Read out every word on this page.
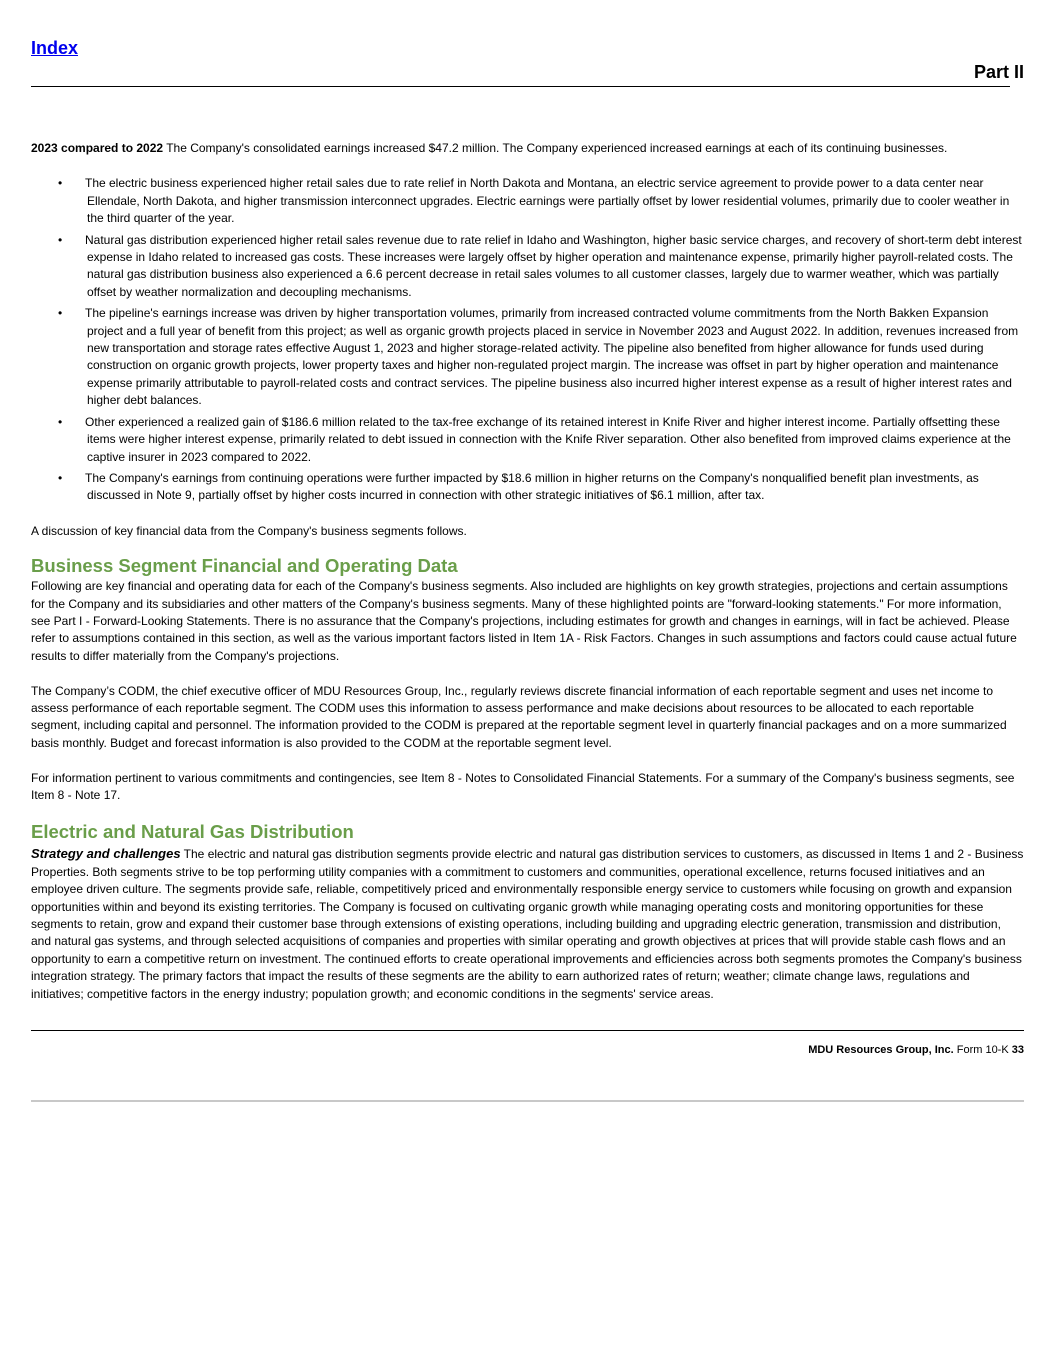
Index
Part II

2023 compared to 2022 The Company's consolidated earnings increased $47.2 million. The Company experienced increased earnings at each of its continuing businesses.

• The electric business experienced higher retail sales due to rate relief in North Dakota and Montana, an electric service agreement to provide power to a data center near Ellendale, North Dakota, and higher transmission interconnect upgrades. Electric earnings were partially offset by lower residential volumes, primarily due to cooler weather in the third quarter of the year.
• Natural gas distribution experienced higher retail sales revenue due to rate relief in Idaho and Washington, higher basic service charges, and recovery of short-term debt interest expense in Idaho related to increased gas costs. These increases were largely offset by higher operation and maintenance expense, primarily higher payroll-related costs. The natural gas distribution business also experienced a 6.6 percent decrease in retail sales volumes to all customer classes, largely due to warmer weather, which was partially offset by weather normalization and decoupling mechanisms.
• The pipeline's earnings increase was driven by higher transportation volumes, primarily from increased contracted volume commitments from the North Bakken Expansion project and a full year of benefit from this project; as well as organic growth projects placed in service in November 2023 and August 2022. In addition, revenues increased from new transportation and storage rates effective August 1, 2023 and higher storage-related activity. The pipeline also benefited from higher allowance for funds used during construction on organic growth projects, lower property taxes and higher non-regulated project margin. The increase was offset in part by higher operation and maintenance expense primarily attributable to payroll-related costs and contract services. The pipeline business also incurred higher interest expense as a result of higher interest rates and higher debt balances.
• Other experienced a realized gain of $186.6 million related to the tax-free exchange of its retained interest in Knife River and higher interest income. Partially offsetting these items were higher interest expense, primarily related to debt issued in connection with the Knife River separation. Other also benefited from improved claims experience at the captive insurer in 2023 compared to 2022.
• The Company's earnings from continuing operations were further impacted by $18.6 million in higher returns on the Company's nonqualified benefit plan investments, as discussed in Note 9, partially offset by higher costs incurred in connection with other strategic initiatives of $6.1 million, after tax.

A discussion of key financial data from the Company's business segments follows.

Business Segment Financial and Operating Data

Following are key financial and operating data for each of the Company's business segments. Also included are highlights on key growth strategies, projections and certain assumptions for the Company and its subsidiaries and other matters of the Company's business segments. Many of these highlighted points are "forward-looking statements." For more information, see Part I - Forward-Looking Statements. There is no assurance that the Company's projections, including estimates for growth and changes in earnings, will in fact be achieved. Please refer to assumptions contained in this section, as well as the various important factors listed in Item 1A - Risk Factors. Changes in such assumptions and factors could cause actual future results to differ materially from the Company's projections.

The Company’s CODM, the chief executive officer of MDU Resources Group, Inc., regularly reviews discrete financial information of each reportable segment and uses net income to assess performance of each reportable segment. The CODM uses this information to assess performance and make decisions about resources to be allocated to each reportable segment, including capital and personnel. The information provided to the CODM is prepared at the reportable segment level in quarterly financial packages and on a more summarized basis monthly. Budget and forecast information is also provided to the CODM at the reportable segment level.

For information pertinent to various commitments and contingencies, see Item 8 - Notes to Consolidated Financial Statements. For a summary of the Company's business segments, see Item 8 - Note 17.

Electric and Natural Gas Distribution

Strategy and challenges The electric and natural gas distribution segments provide electric and natural gas distribution services to customers, as discussed in Items 1 and 2 - Business Properties. Both segments strive to be top performing utility companies with a commitment to customers and communities, operational excellence, returns focused initiatives and an employee driven culture. The segments provide safe, reliable, competitively priced and environmentally responsible energy service to customers while focusing on growth and expansion opportunities within and beyond its existing territories. The Company is focused on cultivating organic growth while managing operating costs and monitoring opportunities for these segments to retain, grow and expand their customer base through extensions of existing operations, including building and upgrading electric generation, transmission and distribution, and natural gas systems, and through selected acquisitions of companies and properties with similar operating and growth objectives at prices that will provide stable cash flows and an opportunity to earn a competitive return on investment. The continued efforts to create operational improvements and efficiencies across both segments promotes the Company's business integration strategy. The primary factors that impact the results of these segments are the ability to earn authorized rates of return; weather; climate change laws, regulations and initiatives; competitive factors in the energy industry; population growth; and economic conditions in the segments' service areas.

MDU Resources Group, Inc. Form 10-K 33
